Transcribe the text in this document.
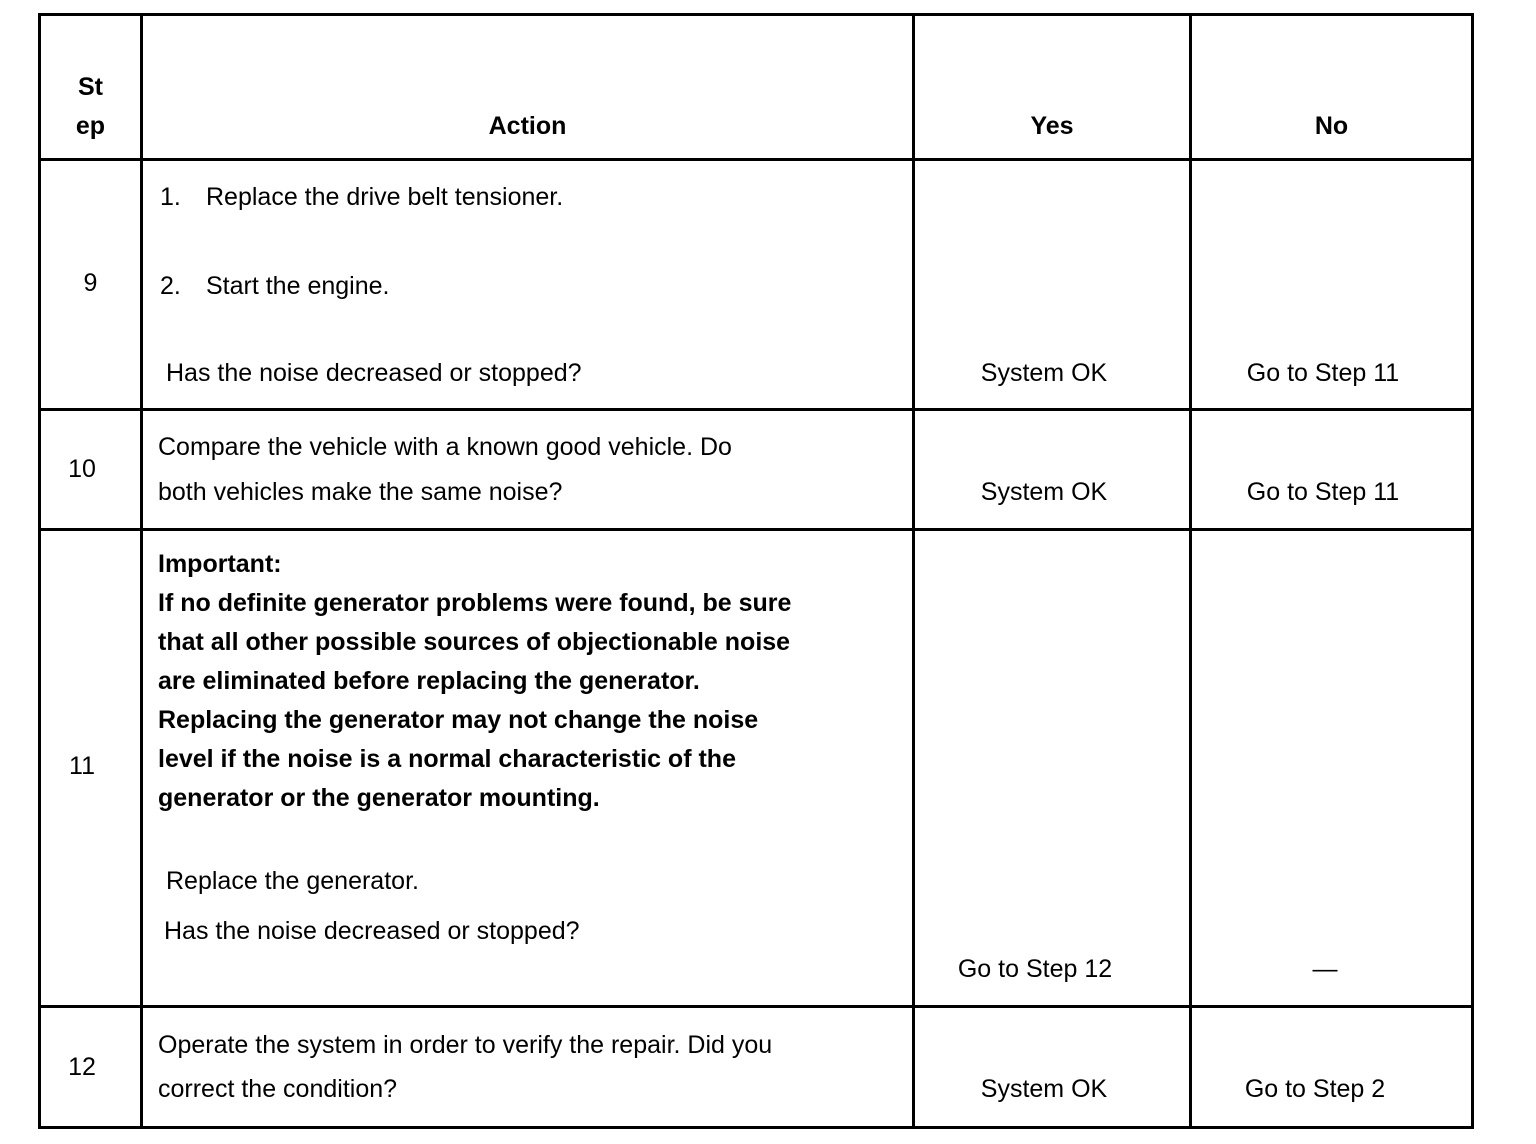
St
ep	Action	Yes	No
9
1. Replace the drive belt tensioner.
2. Start the engine.
Has the noise decreased or stopped?	System OK	Go to Step 11
10
Compare the vehicle with a known good vehicle. Do
both vehicles make the same noise?	System OK	Go to Step 11
11
Important:
If no definite generator problems were found, be sure
that all other possible sources of objectionable noise
are eliminated before replacing the generator.
Replacing the generator may not change the noise
level if the noise is a normal characteristic of the
generator or the generator mounting.
Replace the generator.
Has the noise decreased or stopped?
Go to Step 12	—
12
Operate the system in order to verify the repair. Did you
correct the condition?	System OK	Go to Step 2
